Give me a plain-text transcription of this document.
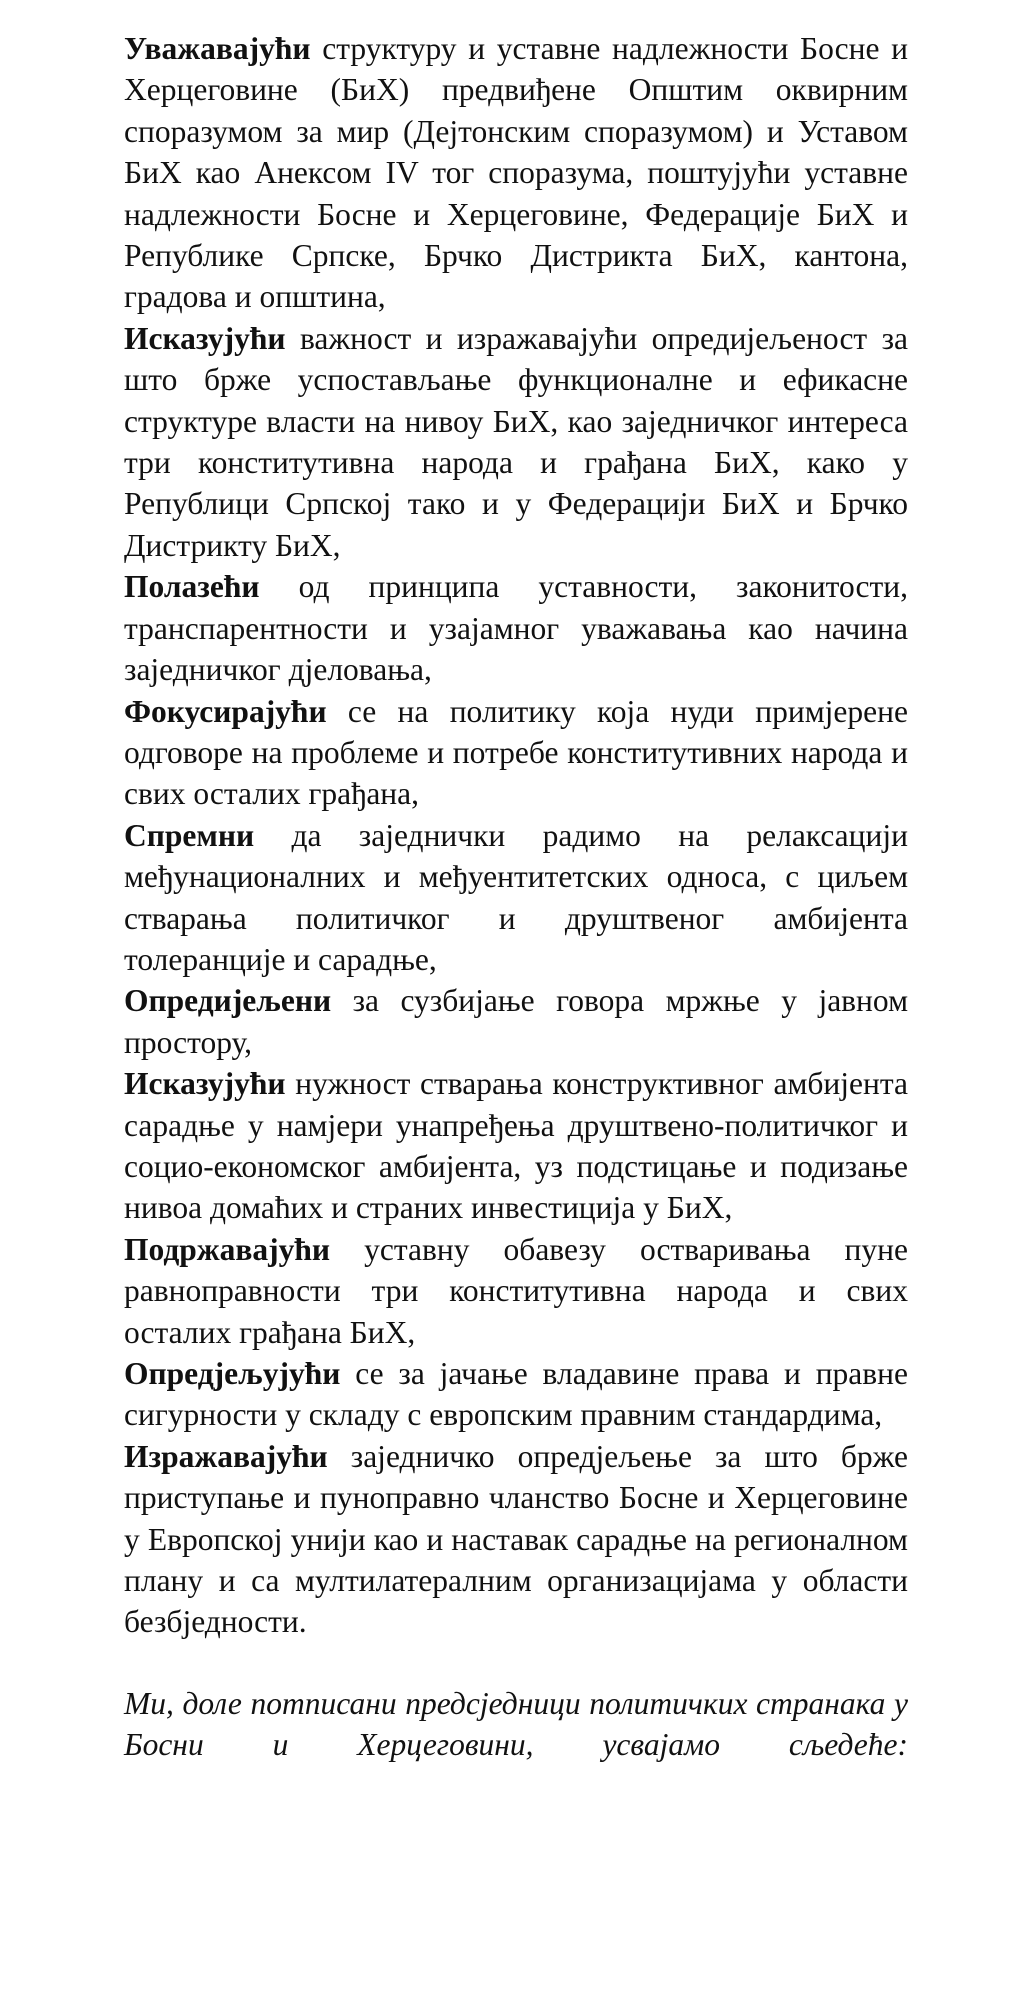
Уважавајући структуру и уставне надлежности Босне и Херцеговине (БиХ) предвиђене Општим оквирним споразумом за мир (Дејтонским споразумом) и Уставом БиХ као Анексом IV тог споразума, поштујући уставне надлежности Босне и Херцеговине, Федерације БиХ и Републике Српске, Брчко Дистрикта БиХ, кантона, градова и општина,

Исказујући важност и изражавајући опредијељеност за што брже успостављање функционалне и ефикасне структуре власти на нивоу БиХ, као заједничког интереса три конститутивна народа и грађана БиХ, како у Републици Српској тако и у Федерацији БиХ и Брчко Дистрикту БиХ,

Полазећи од принципа уставности, законитости, транспарентности и узајамног уважавања као начина заједничког дјеловања,

Фокусирајући се на политику која нуди примјерене одговоре на проблеме и потребе конститутивних народа и свих осталих грађана,

Спремни да заједнички радимо на релаксацији међунационалних и међуентитетских односа, с циљем стварања политичког и друштвеног амбијента толеранције и сарадње,

Опредијељени за сузбијање говора мржње у јавном простору,

Исказујући нужност стварања конструктивног амбијента сарадње у намјери унапређења друштвено-политичког и социо-економског амбијента, уз подстицање и подизање нивоа домаћих и страних инвестиција у БиХ,

Подржавајући уставну обавезу остваривања пуне равноправности три конститутивна народа и свих осталих грађана БиХ,

Опредјељујући се за јачање владавине права и правне сигурности у складу с европским правним стандардима,

Изражавајући заједничко опредјељење за што брже приступање и пуноправно чланство Босне и Херцеговине у Европској унији као и наставак сарадње на регионалном плану и са мултилатералним организацијама у области безбједности.

Ми, доле потписани предсједници политичких странака у Босни и Херцеговини, усвајамо сљедеће:
